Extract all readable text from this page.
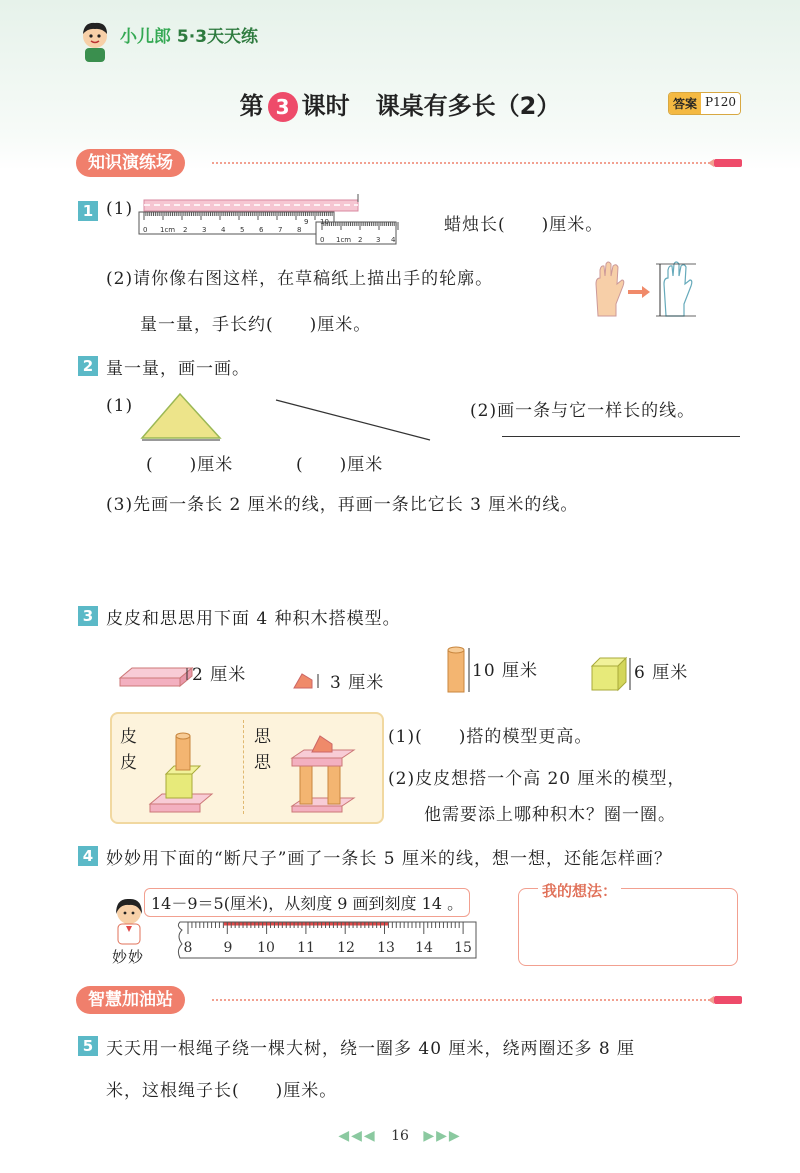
小儿郎 5·3天天练
第 3 课时 课桌有多长（2）	答案 P120
知识演练场
1 (1)
0 1cm 2 3 4 5 6 7 8
9 10
0 1cm 2 3 4
蜡烛长(　　)厘米。
(2)请你像右图这样，在草稿纸上描出手的轮廓。
量一量，手长约(　　)厘米。
2 量一量，画一画。
(1)
(　　)厘米	(　　)厘米
(2)画一条与它一样长的线。
(3)先画一条长 2 厘米的线，再画一条比它长 3 厘米的线。
3 皮皮和思思用下面 4 种积木搭模型。
2 厘米	3 厘米
10 厘米	6 厘米
皮
皮
思
思
(1)(　　)搭的模型更高。
(2)皮皮想搭一个高 20 厘米的模型，
他需要添上哪种积木？圈一圈。
4 妙妙用下面的“断尺子”画了一条长 5 厘米的线，想一想，还能怎样画？
妙妙
14－9＝5(厘米)，从刻度 9 画到刻度 14 。
8 9 10 11 12 13 14 15
我的想法：
智慧加油站
5 天天用一根绳子绕一棵大树，绕一圈多 40 厘米，绕两圈还多 8 厘
米，这根绳子长(　　)厘米。
◀◀◀ 16 ▶▶▶
